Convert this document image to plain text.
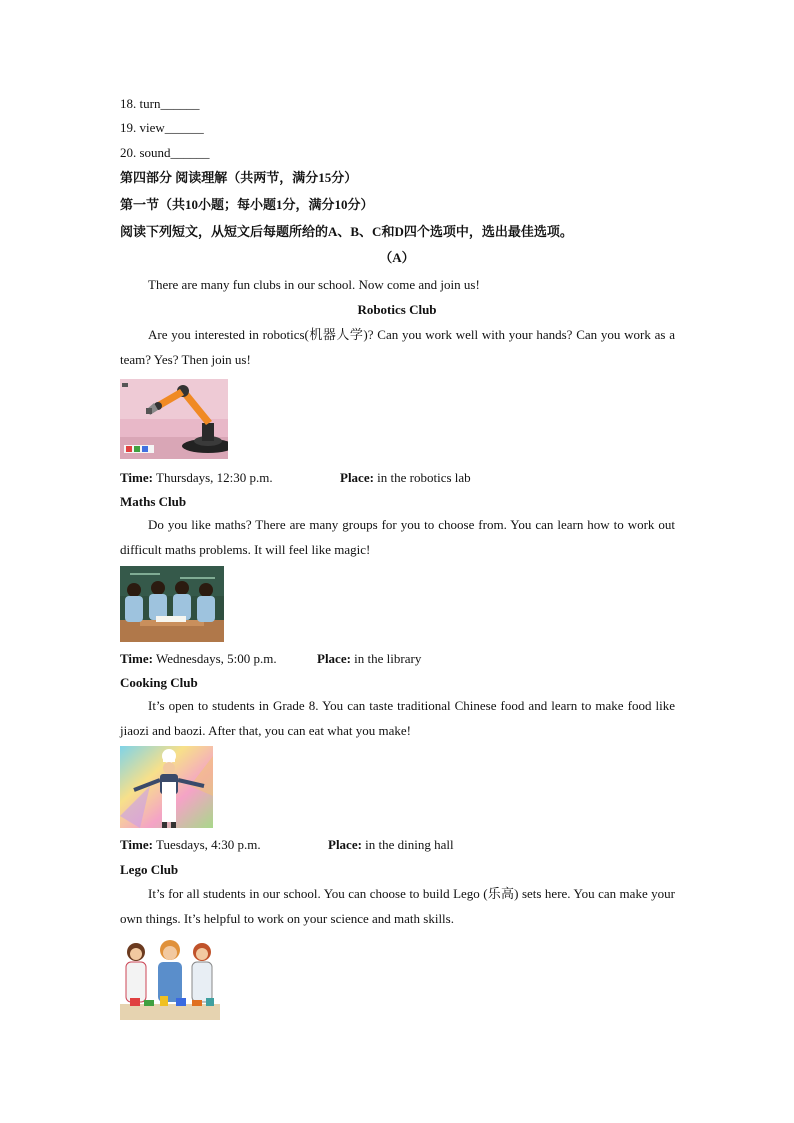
18. turn______
19. view______
20. sound______
第四部分 阅读理解（共两节，满分15分）
第一节（共10小题；每小题1分，满分10分）
阅读下列短文，从短文后每题所给的A、B、C和D四个选项中，选出最佳选项。
（A）
There are many fun clubs in our school. Now come and join us!
Robotics Club
Are you interested in robotics(机器人学)? Can you work well with your hands? Can you work as a team? Yes? Then join us!
Time: Thursdays, 12:30 p.m.	Place: in the robotics lab
Maths Club
Do you like maths? There are many groups for you to choose from. You can learn how to work out difficult maths problems. It will feel like magic!
Time: Wednesdays, 5:00 p.m.	Place: in the library
Cooking Club
It’s open to students in Grade 8. You can taste traditional Chinese food and learn to make food like jiaozi and baozi. After that, you can eat what you make!
Time: Tuesdays, 4:30 p.m.	Place: in the dining hall
Lego Club
It’s for all students in our school. You can choose to build Lego (乐高) sets here. You can make your own things. It’s helpful to work on your science and math skills.
